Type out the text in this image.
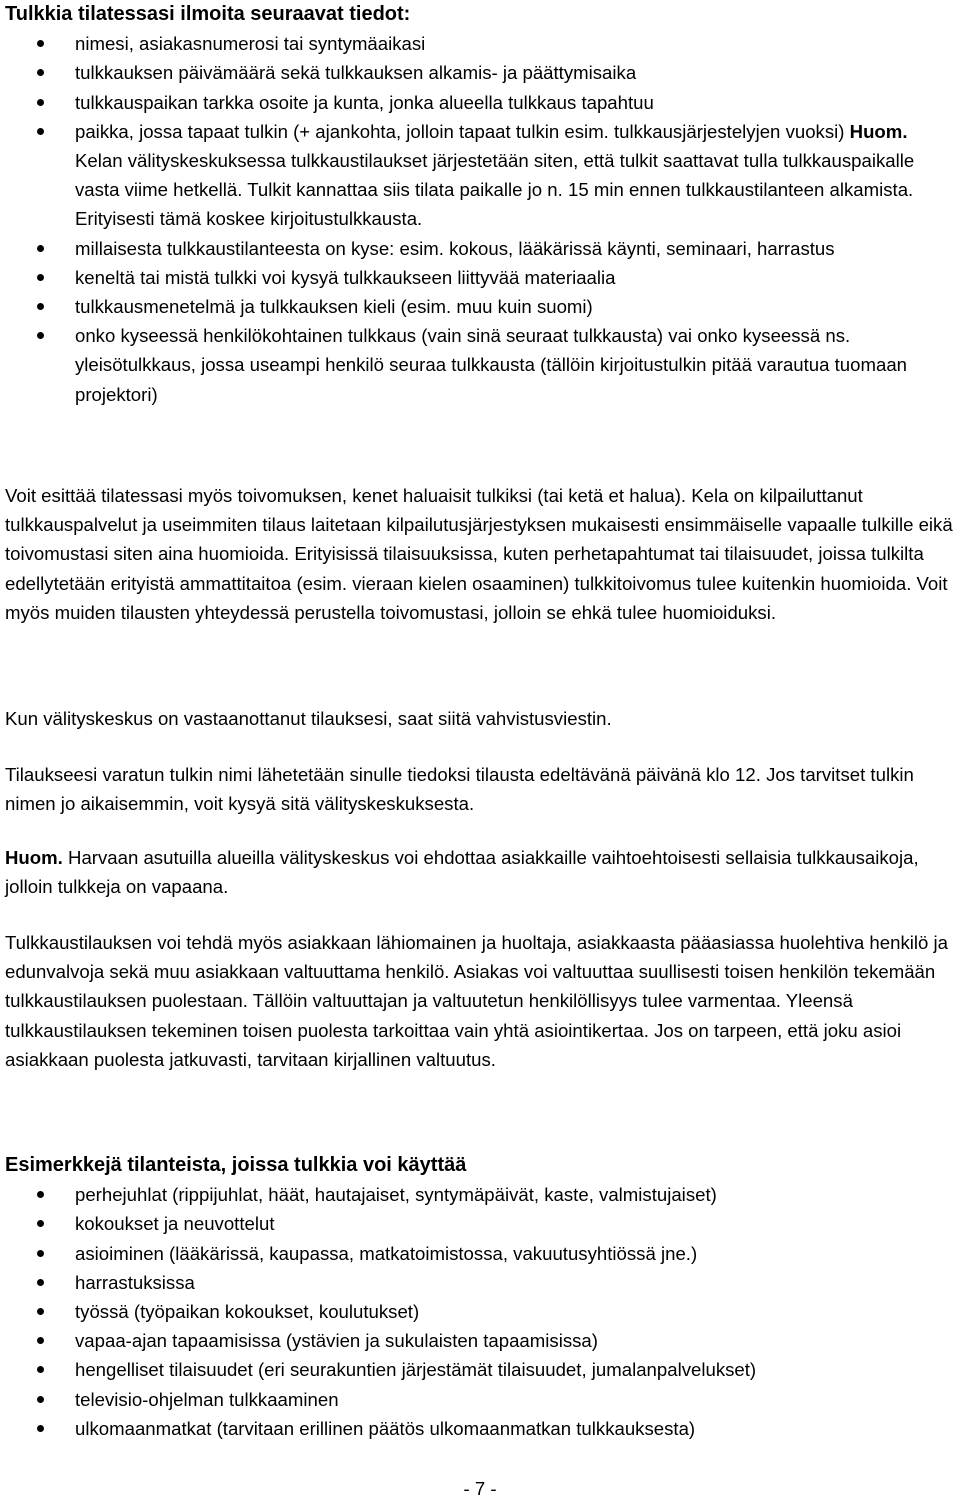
Tulkkia tilatessasi ilmoita seuraavat tiedot:
nimesi, asiakasnumerosi tai syntymäaikasi
tulkkauksen päivämäärä sekä tulkkauksen alkamis- ja päättymisaika
tulkkauspaikan tarkka osoite ja kunta, jonka alueella tulkkaus tapahtuu
paikka, jossa tapaat tulkin (+ ajankohta, jolloin tapaat tulkin esim. tulkkausjärjestelyjen vuoksi) Huom. Kelan välityskeskuksessa tulkkaustilaukset järjestetään siten, että tulkit saattavat tulla tulkkauspaikalle vasta viime hetkellä. Tulkit kannattaa siis tilata paikalle jo n. 15 min ennen tulkkaustilanteen alkamista. Erityisesti tämä koskee kirjoitustulkkausta.
millaisesta tulkkaustilanteesta on kyse: esim. kokous, lääkärissä käynti, seminaari, harrastus
keneltä tai mistä tulkki voi kysyä tulkkaukseen liittyvää materiaalia
tulkkausmenetelmä ja tulkkauksen kieli (esim. muu kuin suomi)
onko kyseessä henkilökohtainen tulkkaus (vain sinä seuraat tulkkausta) vai onko kyseessä ns. yleisötulkkaus, jossa useampi henkilö seuraa tulkkausta (tällöin kirjoitustulkin pitää varautua tuomaan projektori)

Voit esittää tilatessasi myös toivomuksen, kenet haluaisit tulkiksi (tai ketä et halua). Kela on kilpailuttanut tulkkauspalvelut ja useimmiten tilaus laitetaan kilpailutusjärjestyksen mukaisesti ensimmäiselle vapaalle tulkille eikä toivomustasi siten aina huomioida. Erityisissä tilaisuuksissa, kuten perhetapahtumat tai tilaisuudet, joissa tulkilta edellytetään erityistä ammattitaitoa (esim. vieraan kielen osaaminen) tulkkitoivomus tulee kuitenkin huomioida. Voit myös muiden tilausten yhteydessä perustella toivomustasi, jolloin se ehkä tulee huomioiduksi.

Kun välityskeskus on vastaanottanut tilauksesi, saat siitä vahvistusviestin.

Tilaukseesi varatun tulkin nimi lähetetään sinulle tiedoksi tilausta edeltävänä päivänä klo 12. Jos tarvitset tulkin nimen jo aikaisemmin, voit kysyä sitä välityskeskuksesta.

Huom. Harvaan asutuilla alueilla välityskeskus voi ehdottaa asiakkaille vaihtoehtoisesti sellaisia tulkkausaikoja, jolloin tulkkeja on vapaana.

Tulkkaustilauksen voi tehdä myös asiakkaan lähiomainen ja huoltaja, asiakkaasta pääasiassa huolehtiva henkilö ja edunvalvoja sekä muu asiakkaan valtuuttama henkilö. Asiakas voi valtuuttaa suullisesti toisen henkilön tekemään tulkkaustilauksen puolestaan. Tällöin valtuuttajan ja valtuutetun henkilöllisyys tulee varmentaa. Yleensä tulkkaustilauksen tekeminen toisen puolesta tarkoittaa vain yhtä asiointikertaa. Jos on tarpeen, että joku asioi asiakkaan puolesta jatkuvasti, tarvitaan kirjallinen valtuutus.

Esimerkkejä tilanteista, joissa tulkkia voi käyttää
perhejuhlat (rippijuhlat, häät, hautajaiset, syntymäpäivät, kaste, valmistujaiset)
kokoukset ja neuvottelut
asioiminen (lääkärissä, kaupassa, matkatoimistossa, vakuutusyhtiössä jne.)
harrastuksissa
työssä (työpaikan kokoukset, koulutukset)
vapaa-ajan tapaamisissa (ystävien ja sukulaisten tapaamisissa)
hengelliset tilaisuudet (eri seurakuntien järjestämät tilaisuudet, jumalanpalvelukset)
televisio-ohjelman tulkkaaminen
ulkomaanmatkat (tarvitaan erillinen päätös ulkomaanmatkan tulkkauksesta)
- 7 -
